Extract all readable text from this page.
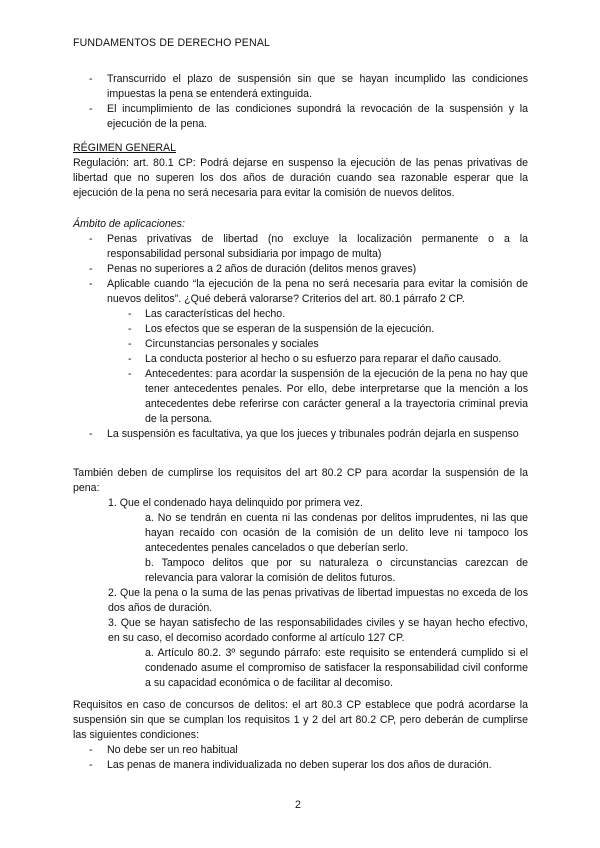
FUNDAMENTOS DE DERECHO PENAL
- Transcurrido el plazo de suspensión sin que se hayan incumplido las condiciones impuestas la pena se entenderá extinguida.
- El incumplimiento de las condiciones supondrá la revocación de la suspensión y la ejecución de la pena.
RÉGIMEN GENERAL
Regulación: art. 80.1 CP: Podrá dejarse en suspenso la ejecución de las penas privativas de libertad que no superen los dos años de duración cuando sea razonable esperar que la ejecución de la pena no será necesaria para evitar la comisión de nuevos delitos.
Ámbito de aplicaciones:
- Penas privativas de libertad (no excluye la localización permanente o a la responsabilidad personal subsidiaria por impago de multa)
- Penas no superiores a 2 años de duración (delitos menos graves)
- Aplicable cuando “la ejecución de la pena no será necesaria para evitar la comisión de nuevos delitos”. ¿Qué deberá valorarse? Criterios del art. 80.1 párrafo 2 CP.
- Las características del hecho.
- Los efectos que se esperan de la suspensión de la ejecución.
- Circunstancias personales y sociales
- La conducta posterior al hecho o su esfuerzo para reparar el daño causado.
- Antecedentes: para acordar la suspensión de la ejecución de la pena no hay que tener antecedentes penales. Por ello, debe interpretarse que la mención a los antecedentes debe referirse con carácter general a la trayectoria criminal previa de la persona.
- La suspensión es facultativa, ya que los jueces y tribunales podrán dejarla en suspenso
También deben de cumplirse los requisitos del art 80.2 CP para acordar la suspensión de la pena:
1. Que el condenado haya delinquido por primera vez.
a. No se tendrán en cuenta ni las condenas por delitos imprudentes, ni las que hayan recaído con ocasión de la comisión de un delito leve ni tampoco los antecedentes penales cancelados o que deberían serlo.
b. Tampoco delitos que por su naturaleza o circunstancias carezcan de relevancia para valorar la comisión de delitos futuros.
2. Que la pena o la suma de las penas privativas de libertad impuestas no exceda de los dos años de duración.
3. Que se hayan satisfecho de las responsabilidades civiles y se hayan hecho efectivo, en su caso, el decomiso acordado conforme al artículo 127 CP.
a. Artículo 80.2. 3º segundo párrafo: este requisito se entenderá cumplido si el condenado asume el compromiso de satisfacer la responsabilidad civil conforme a su capacidad económica o de facilitar al decomiso.
Requisitos en caso de concursos de delitos: el art 80.3 CP establece que podrá acordarse la suspensión sin que se cumplan los requisitos 1 y 2 del art 80.2 CP, pero deberán de cumplirse las siguientes condiciones:
- No debe ser un reo habitual
- Las penas de manera individualizada no deben superar los dos años de duración.
2
